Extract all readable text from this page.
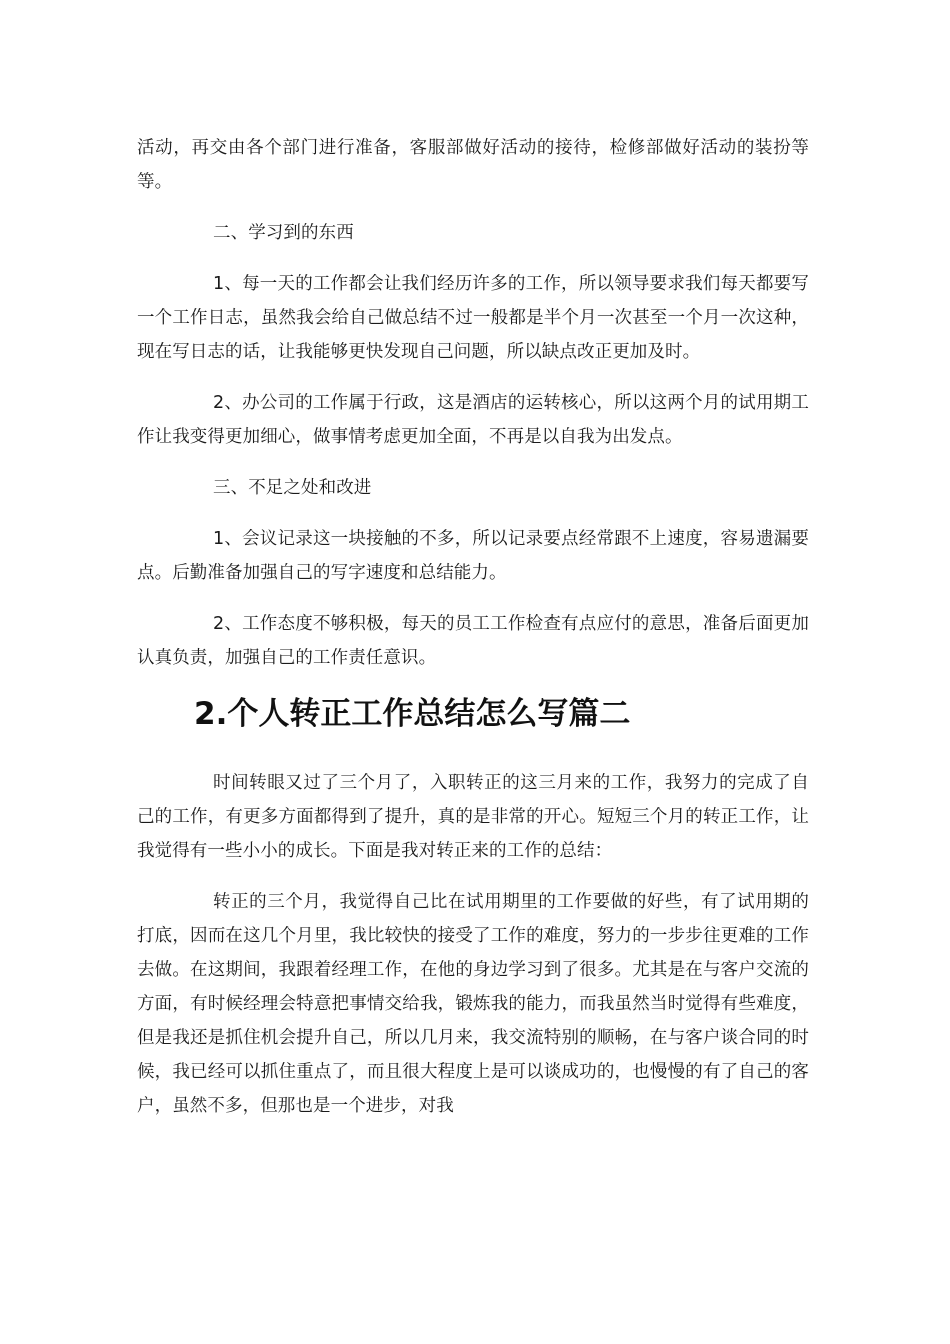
活动，再交由各个部门进行准备，客服部做好活动的接待，检修部做好活动的装扮等等。

二、学习到的东西

1、每一天的工作都会让我们经历许多的工作，所以领导要求我们每天都要写一个工作日志，虽然我会给自己做总结不过一般都是半个月一次甚至一个月一次这种，现在写日志的话，让我能够更快发现自己问题，所以缺点改正更加及时。

2、办公司的工作属于行政，这是酒店的运转核心，所以这两个月的试用期工作让我变得更加细心，做事情考虑更加全面，不再是以自我为出发点。

三、不足之处和改进

1、会议记录这一块接触的不多，所以记录要点经常跟不上速度，容易遗漏要点。后勤准备加强自己的写字速度和总结能力。

2、工作态度不够积极，每天的员工工作检查有点应付的意思，准备后面更加认真负责，加强自己的工作责任意识。

2.个人转正工作总结怎么写篇二

时间转眼又过了三个月了，入职转正的这三月来的工作，我努力的完成了自己的工作，有更多方面都得到了提升，真的是非常的开心。短短三个月的转正工作，让我觉得有一些小小的成长。下面是我对转正来的工作的总结：

转正的三个月，我觉得自己比在试用期里的工作要做的好些，有了试用期的打底，因而在这几个月里，我比较快的接受了工作的难度，努力的一步步往更难的工作去做。在这期间，我跟着经理工作，在他的身边学习到了很多。尤其是在与客户交流的方面，有时候经理会特意把事情交给我，锻炼我的能力，而我虽然当时觉得有些难度，但是我还是抓住机会提升自己，所以几月来，我交流特别的顺畅，在与客户谈合同的时候，我已经可以抓住重点了，而且很大程度上是可以谈成功的，也慢慢的有了自己的客户，虽然不多，但那也是一个进步，对我
